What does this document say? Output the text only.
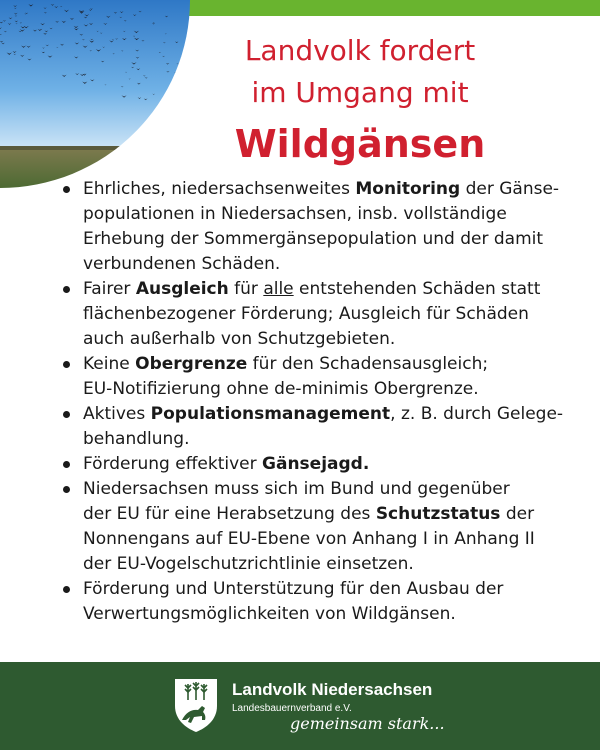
Landvolk fordert
im Umgang mit
Wildgänsen
Ehrliches, niedersachsenweites Monitoring der Gänse-
populationen in Niedersachsen, insb. vollständige
Erhebung der Sommergänsepopulation und der damit
verbundenen Schäden.
Fairer Ausgleich für alle entstehenden Schäden statt
flächenbezogener Förderung; Ausgleich für Schäden
auch außerhalb von Schutzgebieten.
Keine Obergrenze für den Schadensausgleich;
EU-Notifizierung ohne de-minimis Obergrenze.
Aktives Populationsmanagement, z. B. durch Gelege-
behandlung.
Förderung effektiver Gänsejagd.
Niedersachsen muss sich im Bund und gegenüber
der EU für eine Herabsetzung des Schutzstatus der
Nonnengans auf EU-Ebene von Anhang I in Anhang II
der EU-Vogelschutzrichtlinie einsetzen.
Förderung und Unterstützung für den Ausbau der
Verwertungsmöglichkeiten von Wildgänsen.
Landvolk Niedersachsen
Landesbauernverband e.V.
gemeinsam stark...
